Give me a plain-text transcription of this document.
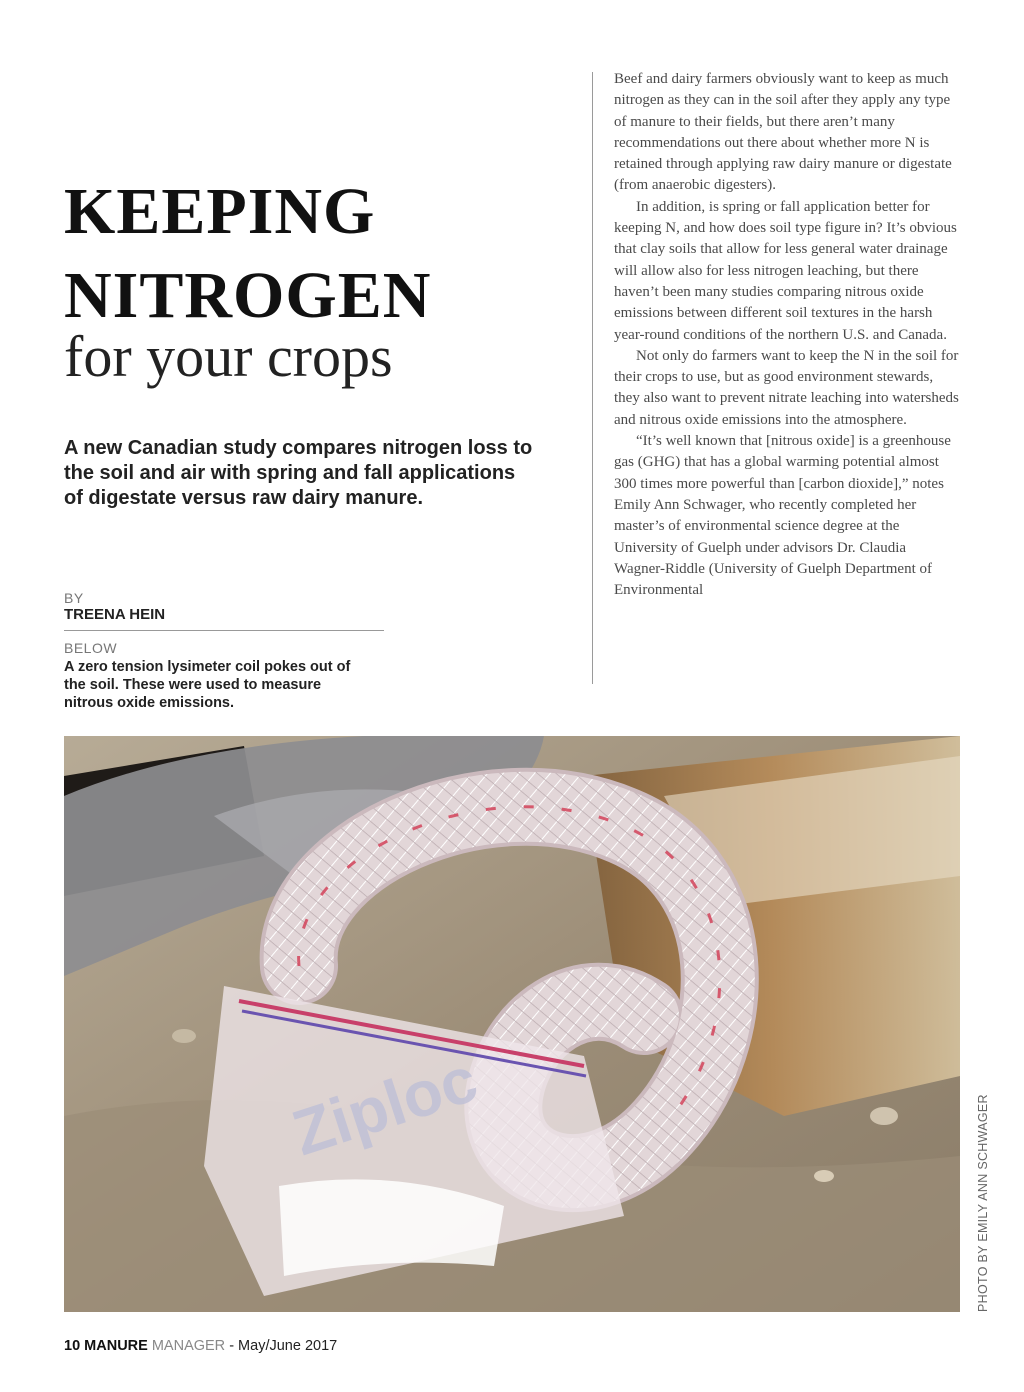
KEEPING
NITROGEN
for your crops

A new Canadian study compares nitrogen loss to the soil and air with spring and fall applications of digestate versus raw dairy manure.

BY
TREENA HEIN
BELOW

A zero tension lysimeter coil pokes out of the soil. These were used to measure nitrous oxide emissions.

Beef and dairy farmers obviously want to keep as much nitrogen as they can in the soil after they apply any type of manure to their fields, but there aren’t many recommendations out there about whether more N is retained through applying raw dairy manure or digestate (from anaerobic digesters).

In addition, is spring or fall application better for keeping N, and how does soil type figure in? It’s obvious that clay soils that allow for less general water drainage will allow also for less nitrogen leaching, but there haven’t been many studies comparing nitrous oxide emissions between different soil textures in the harsh year-round conditions of the northern U.S. and Canada.

Not only do farmers want to keep the N in the soil for their crops to use, but as good environment stewards, they also want to prevent nitrate leaching into watersheds and nitrous oxide emissions into the atmosphere.

“It’s well known that [nitrous oxide] is a greenhouse gas (GHG) that has a global warming potential almost 300 times more powerful than [carbon dioxide],” notes Emily Ann Schwager, who recently completed her master’s of environmental science degree at the University of Guelph under advisors Dr. Claudia Wagner-Riddle (University of Guelph Department of Environmental

Ziploc	PHOTO BY EMILY ANN SCHWAGER
10 MANURE MANAGER - May/June 2017
